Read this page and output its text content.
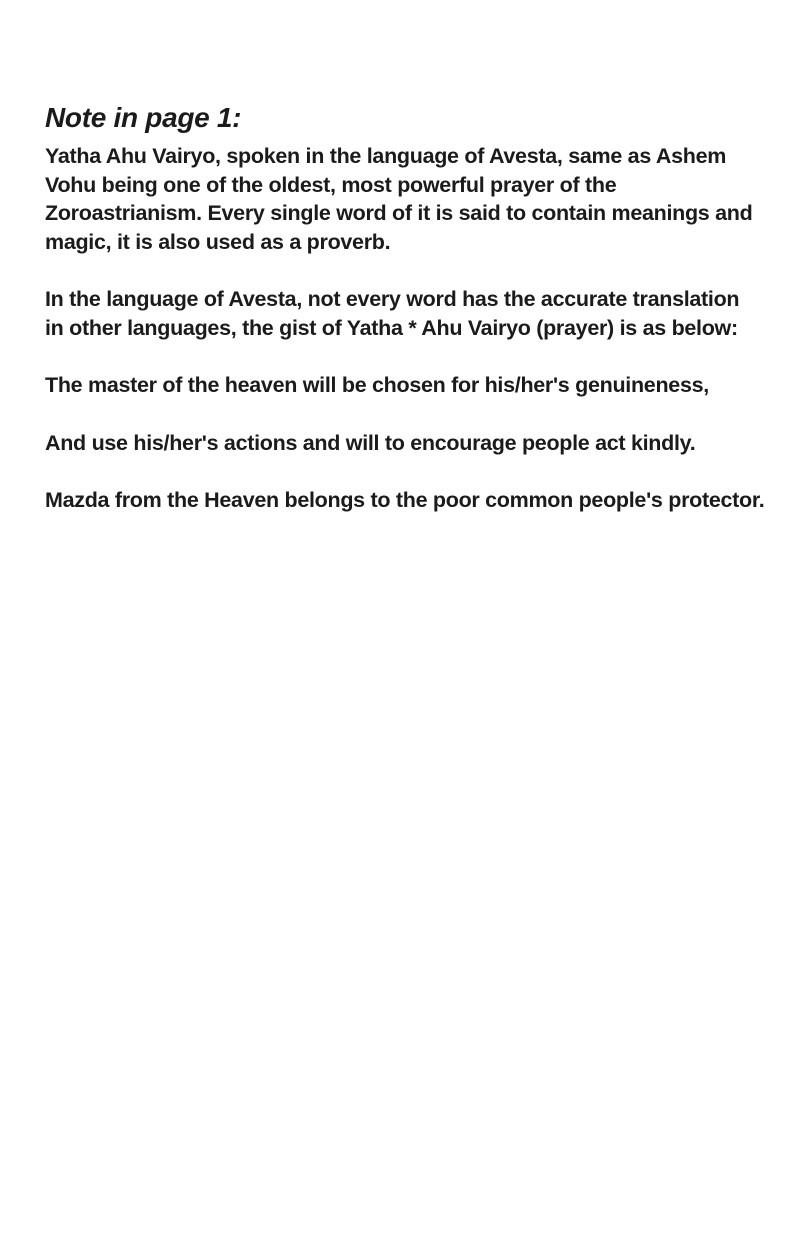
Note in page 1:
Yatha Ahu Vairyo, spoken in the language of Avesta, same as Ashem
Vohu being one of the oldest, most powerful prayer of the
Zoroastrianism. Every single word of it is said to contain meanings and
magic, it is also used as a proverb.
In the language of Avesta, not every word has the accurate translation
in other languages, the gist of Yatha * Ahu Vairyo (prayer) is as below:
The master of the heaven will be chosen for his/her's genuineness,
And use his/her's actions and will to encourage people act kindly.
Mazda from the Heaven belongs to the poor common people's protector.
